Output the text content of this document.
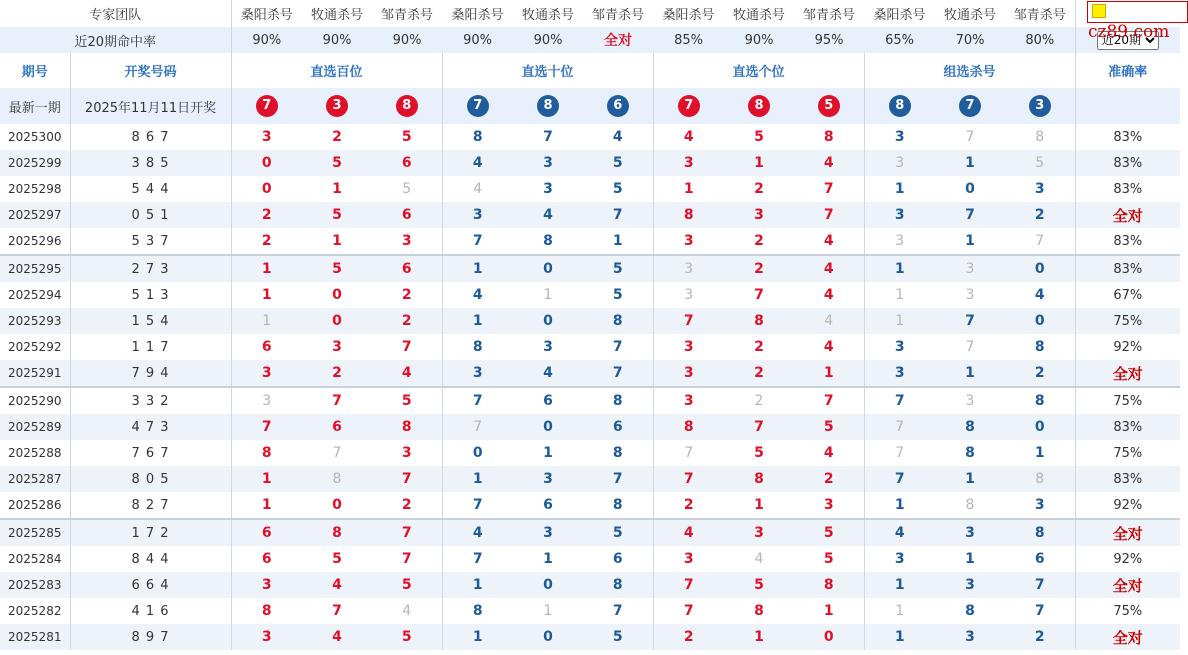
cz89.com
专家团队		桑阳杀号	牧通杀号	邹青杀号	桑阳杀号	牧通杀号	邹青杀号	桑阳杀号	牧通杀号	邹青杀号	桑阳杀号	牧通杀号	邹青杀号	
近20期命中率		90%	90%	90%	90%	90%	全对	85%	90%	95%	65%	70%	80%	
近20期
期号	开奖号码	直选百位			直选十位			直选个位			组选杀号			准确率
最新一期	2025年11月11日开奖	7	3	8	7	8	6	7	8	5	8	7	3	
2025300	8 6 7	3	2	5	8	7	4	4	5	8	3	7	8	83%
2025299	3 8 5	0	5	6	4	3	5	3	1	4	3	1	5	83%
2025298	5 4 4	0	1	5	4	3	5	1	2	7	1	0	3	83%
2025297	0 5 1	2	5	6	3	4	7	8	3	7	3	7	2	全对
2025296	5 3 7	2	1	3	7	8	1	3	2	4	3	1	7	83%
2025295	2 7 3	1	5	6	1	0	5	3	2	4	1	3	0	83%
2025294	5 1 3	1	0	2	4	1	5	3	7	4	1	3	4	67%
2025293	1 5 4	1	0	2	1	0	8	7	8	4	1	7	0	75%
2025292	1 1 7	6	3	7	8	3	7	3	2	4	3	7	8	92%
2025291	7 9 4	3	2	4	3	4	7	3	2	1	3	1	2	全对
2025290	3 3 2	3	7	5	7	6	8	3	2	7	7	3	8	75%
2025289	4 7 3	7	6	8	7	0	6	8	7	5	7	8	0	83%
2025288	7 6 7	8	7	3	0	1	8	7	5	4	7	8	1	75%
2025287	8 0 5	1	8	7	1	3	7	7	8	2	7	1	8	83%
2025286	8 2 7	1	0	2	7	6	8	2	1	3	1	8	3	92%
2025285	1 7 2	6	8	7	4	3	5	4	3	5	4	3	8	全对
2025284	8 4 4	6	5	7	7	1	6	3	4	5	3	1	6	92%
2025283	6 6 4	3	4	5	1	0	8	7	5	8	1	3	7	全对
2025282	4 1 6	8	7	4	8	1	7	7	8	1	1	8	7	75%
2025281	8 9 7	3	4	5	1	0	5	2	1	0	1	3	2	全对
